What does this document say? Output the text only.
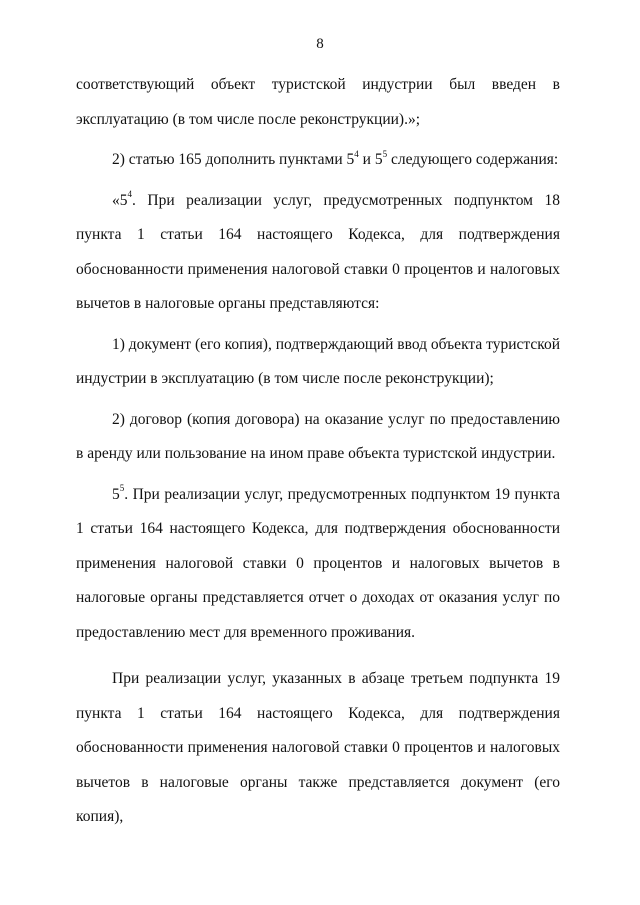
8

соответствующий объект туристской индустрии был введен в эксплуатацию (в том числе после реконструкции).»;

2) статью 165 дополнить пунктами $5^4$ и $5^5$ следующего содержания:

«$5^4$. При реализации услуг, предусмотренных подпунктом 18 пункта 1 статьи 164 настоящего Кодекса, для подтверждения обоснованности применения налоговой ставки 0 процентов и налоговых вычетов в налоговые органы представляются:

1) документ (его копия), подтверждающий ввод объекта туристской индустрии в эксплуатацию (в том числе после реконструкции);

2) договор (копия договора) на оказание услуг по предоставлению в аренду или пользование на ином праве объекта туристской индустрии.

$5^5$. При реализации услуг, предусмотренных подпунктом 19 пункта 1 статьи 164 настоящего Кодекса, для подтверждения обоснованности применения налоговой ставки 0 процентов и налоговых вычетов в налоговые органы представляется отчет о доходах от оказания услуг по предоставлению мест для временного проживания.

При реализации услуг, указанных в абзаце третьем подпункта 19 пункта 1 статьи 164 настоящего Кодекса, для подтверждения обоснованности применения налоговой ставки 0 процентов и налоговых вычетов в налоговые органы также представляется документ (его копия),
